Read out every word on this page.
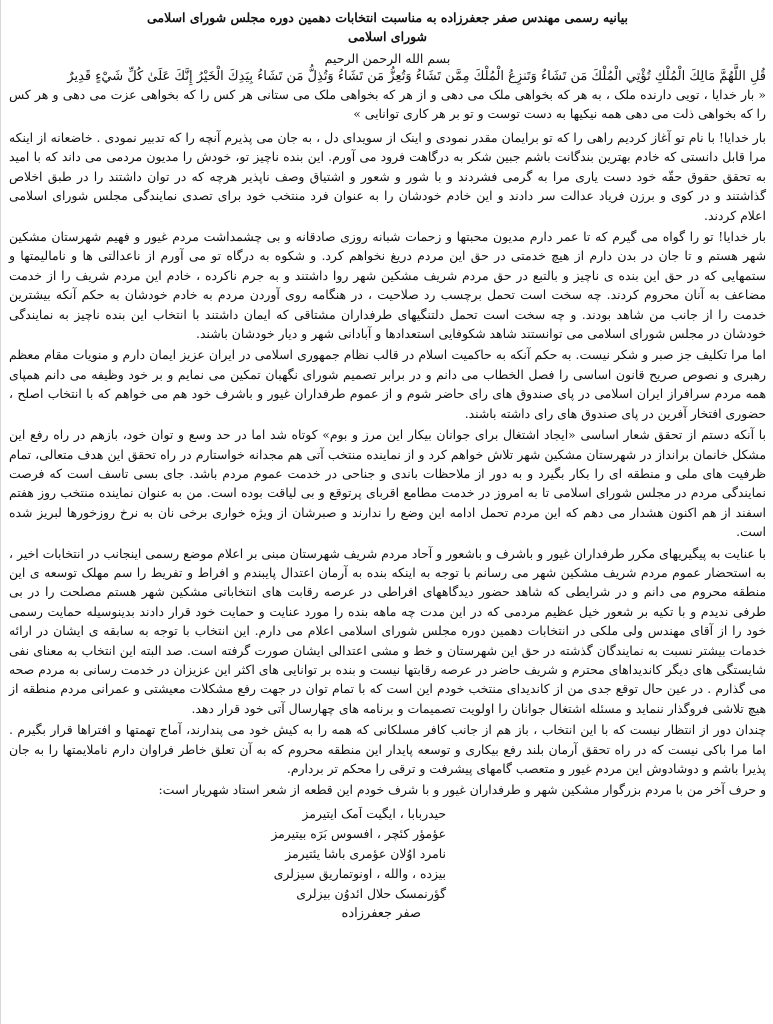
بیانیه رسمی مهندس صفر جعفرزاده به مناسبت انتخابات دهمین دوره مجلس شورای اسلامی
شورای اسلامی
بسم الله الرحمن الرحیم

قُلِ اللَّهُمَّ مَالِكَ الْمُلْكِ تُؤْتِي الْمُلْكَ مَن تَشَاءُ وَتَنزِعُ الْمُلْكَ مِمَّن تَشَاءُ وَتُعِزُّ مَن تَشَاءُ وَتُذِلُّ مَن تَشَاءُ بِيَدِكَ الْخَيْرُ إِنَّكَ عَلَىٰ كُلِّ شَيْءٍ قَدِيرٌ

« بار خدایا ، تویی دارنده ملک ، به هر که بخواهی ملک می دهی و از هر که بخواهی ملک می ستانی هر کس را که بخواهی عزت می دهی و هر کس را که بخواهی ذلت می دهی همه نیکیها به دست توست و تو بر هر کاری توانایی »

بار خدایا! با نام تو آغاز کردیم راهی را که تو برایمان مقدر نمودی و اینک از سویدای دل ، به جان می پذیرم آنچه را که تدبیر نمودی . خاضعانه از اینکه مرا قابل دانستی که خادم بهترین بندگانت باشم جبین شکر به درگاهت فرود می آورم. این بنده ناچیز تو، خودش را مدیون مردمی می داند که با امید به تحقق حقوق حقّه خود دست یاری مرا به گرمی فشردند و با شور و شعور و اشتیاق وصف ناپذیر هرچه که در توان داشتند را در طبق اخلاص گذاشتند و در کوی و برزن فریاد عدالت سر دادند و این خادم خودشان را به عنوان فرد منتخب خود برای تصدی نمایندگی مجلس شورای اسلامی اعلام کردند.

بار خدایا! تو را گواه می گیرم که تا عمر دارم مدیون محبتها و زحمات شبانه روزی صادقانه و بی چشمداشت مردم غیور و فهیم شهرستان مشکین شهر هستم و تا جان در بدن دارم از هیچ خدمتی در حق این مردم دریغ نخواهم کرد. و شکوه به درگاه تو می آورم از ناعدالتی ها و نامالیمتها و ستمهایی که در حق این بنده ی ناچیز و بالتبع در حق مردم شریف مشکین شهر روا داشتند و به جرم ناکرده ، خادم این مردم شریف را از خدمت مضاعف به آنان محروم کردند. چه سخت است تحمل برچسب رد صلاحیت ، در هنگامه روی آوردن مردم به خادم خودشان به حکم آنکه بیشترین خدمت را از جانب من شاهد بودند. و چه سخت است تحمل دلتنگیهای طرفداران مشتاقی که ایمان داشتند با انتخاب این بنده ناچیز به نمایندگی خودشان در مجلس شورای اسلامی می توانستند شاهد شکوفایی استعدادها و آبادانی شهر و دیار خودشان باشند.

اما مرا تکلیف جز صبر و شکر نیست. به حکم آنکه به حاکمیت اسلام در قالب نظام جمهوری اسلامی در ایران عزیز ایمان دارم و منویات مقام معظم رهبری و نصوص صریح قانون اساسی را فصل الخطاب می دانم و در برابر تصمیم شورای نگهبان تمکین می نمایم و بر خود وظیفه می دانم همپای همه مردم سرافراز ایران اسلامی در پای صندوق های رای حاضر شوم و از عموم طرفداران غیور و باشرف خود هم می خواهم که با انتخاب اصلح ، حضوری افتخار آفرین در پای صندوق های رای داشته باشند.

با آنکه دستم از تحقق شعار اساسی «ایجاد اشتغال برای جوانان بیکار این مرز و بوم» کوتاه شد اما در حد وسع و توان خود، بازهم در راه رفع این مشکل خانمان برانداز در شهرستان مشکین شهر تلاش خواهم کرد و از نماینده منتخب آتی هم مجدانه خواستارم در راه تحقق این هدف متعالی، تمام ظرفیت های ملی و منطقه ای را بکار بگیرد و به دور از ملاحظات باندی و جناحی در خدمت عموم مردم باشد. جای بسی تاسف است که فرصت نمایندگی مردم در مجلس شورای اسلامی تا به امروز در خدمت مطامع اقربای پرتوقع و بی لیاقت بوده است. من به عنوان نماینده منتخب روز هفتم اسفند از هم اکنون هشدار می دهم که این مردم تحمل ادامه این وضع را ندارند و صبرشان از ویژه خواری برخی نان به نرخ روزخورها لبریز شده است.

با عنایت به پیگیریهای مکرر طرفداران غیور و باشرف و باشعور و آحاد مردم شریف شهرستان مبنی بر اعلام موضع رسمی اینجانب در انتخابات اخیر ، به استحضار عموم مردم شریف مشکین شهر می رسانم با توجه به اینکه بنده به آرمان اعتدال پایبندم و افراط و تفریط را سم مهلک توسعه ی این منطقه محروم می دانم و در شرایطی که شاهد حضور دیدگاههای افراطی در عرصه رقابت های انتخاباتی مشکین شهر هستم مصلحت را در بی طرفی ندیدم و با تکیه بر شعور خیل عظیم مردمی که در این مدت چه ماهه بنده را مورد عنایت و حمایت خود قرار دادند بدینوسیله حمایت رسمی خود را از آقای مهندس ولی ملکی در انتخابات دهمین دوره مجلس شورای اسلامی اعلام می دارم. این انتخاب با توجه به سابقه ی ایشان در ارائه خدمات بیشتر نسبت به نمایندگان گذشته در حق این شهرستان و خط و مشی اعتدالی ایشان صورت گرفته است. صد البته این انتخاب به معنای نفی شایستگی های دیگر کاندیداهای محترم و شریف حاضر در عرصه رقابتها نیست و بنده بر توانایی های اکثر این عزیزان در خدمت رسانی به مردم صحه می گذارم . در عین حال توقع جدی من از کاندیدای منتخب خودم این است که با تمام توان در جهت رفع مشکلات معیشتی و عمرانی مردم منطقه از هیچ تلاشی فروگذار ننماید و مسئله اشتغال جوانان را اولویت تصمیمات و برنامه های چهارسال آتی خود قرار دهد.

چندان دور از انتظار نیست که با این انتخاب ، باز هم از جانب کافر مسلکانی که همه را به کیش خود می پندارند، آماج تهمتها و افتراها قرار بگیرم . اما مرا باکی نیست که در راه تحقق آرمان بلند رفع بیکاری و توسعه پایدار این منطقه محروم که به آن تعلق خاطر فراوان دارم ناملایمتها را به جان پذیرا باشم و دوشادوش این مردم غیور و متعصب گامهای پیشرفت و ترقی را محکم تر بردارم.

و حرف آخر من با مردم بزرگوار مشکین شهر و طرفداران غیور و با شرف خودم این قطعه از شعر استاد شهریار است:

حیدربابا ، ایگیت اَمک ایتیرمز
عؤمؤر کئچر ، افسوس بَرَه بیتیرمز
نامرد اوُلان عؤمری باشا یئتیرمز
بیزده ، والله ، اونوتماریق سیزلری
گؤرنمسک حلال ائدوُن بیزلری
صفر جعفرزاده
